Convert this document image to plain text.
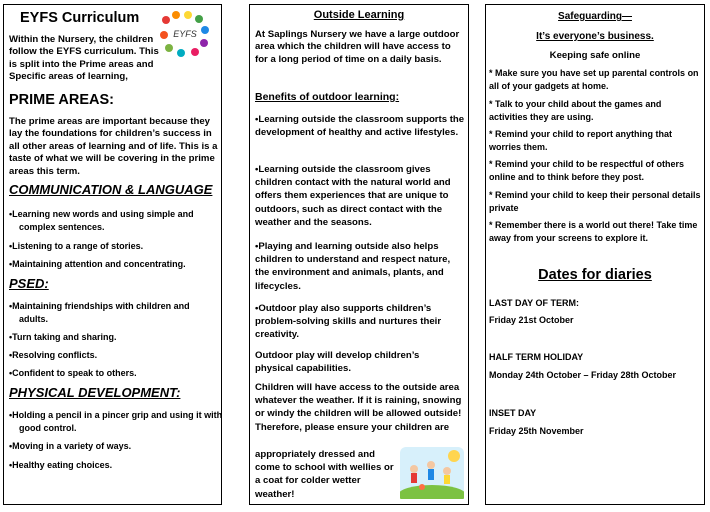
EYFS Curriculum
EYFS

Within the Nursery, the children follow the EYFS curriculum. This is split into the Prime areas and Specific areas of learning,

PRIME AREAS:

The prime areas are important because they lay the foundations for children’s success in all other areas of learning and of life. This is a taste of what we will be covering in the prime areas this term.

COMMUNICATION & LANGUAGE

•Learning new words and using simple and complex sentences.

•Listening to a range of stories.

•Maintaining attention and concentrating.

PSED:

•Maintaining friendships with children and adults.

•Turn taking and sharing.

•Resolving conflicts.

•Confident to speak to others.

PHYSICAL DEVELOPMENT:

•Holding a pencil in a pincer grip and using it with good control.

•Moving in a variety of ways.

•Healthy eating choices.

Outside Learning

At Saplings Nursery we have a large outdoor area which the children will have access to for a long period of time on a daily basis.

Benefits of outdoor learning:

•Learning outside the classroom supports the development of healthy and active lifestyles.

•Learning outside the classroom gives children contact with the natural world and offers them experiences that are unique to outdoors, such as direct contact with the weather and the seasons.

•Playing and learning outside also helps children to understand and respect nature, the environment and animals, plants, and lifecycles.

•Outdoor play also supports children’s problem-solving skills and nurtures their creativity.

Outdoor play will develop children’s physical capabilities.

Children will have access to the outside area whatever the weather. If it is raining, snowing or windy the children will be allowed outside! Therefore, please ensure your children are

appropriately dressed and come to school with wellies or a coat for colder wetter weather!

Safeguarding—
It’s everyone’s business.
Keeping safe online

* Make sure you have set up parental controls on all of your gadgets at home.

* Talk to your child about the games and activities they are using.

* Remind your child to report anything that worries them.

* Remind your child to be respectful of others online and to think before they post.

* Remind your child to keep their personal details private

* Remember there is a world out there! Take time away from your screens to explore it.

Dates for diaries
LAST DAY OF TERM:
Friday 21st October
HALF TERM HOLIDAY
Monday 24th October – Friday 28th October
INSET DAY
Friday 25th November
